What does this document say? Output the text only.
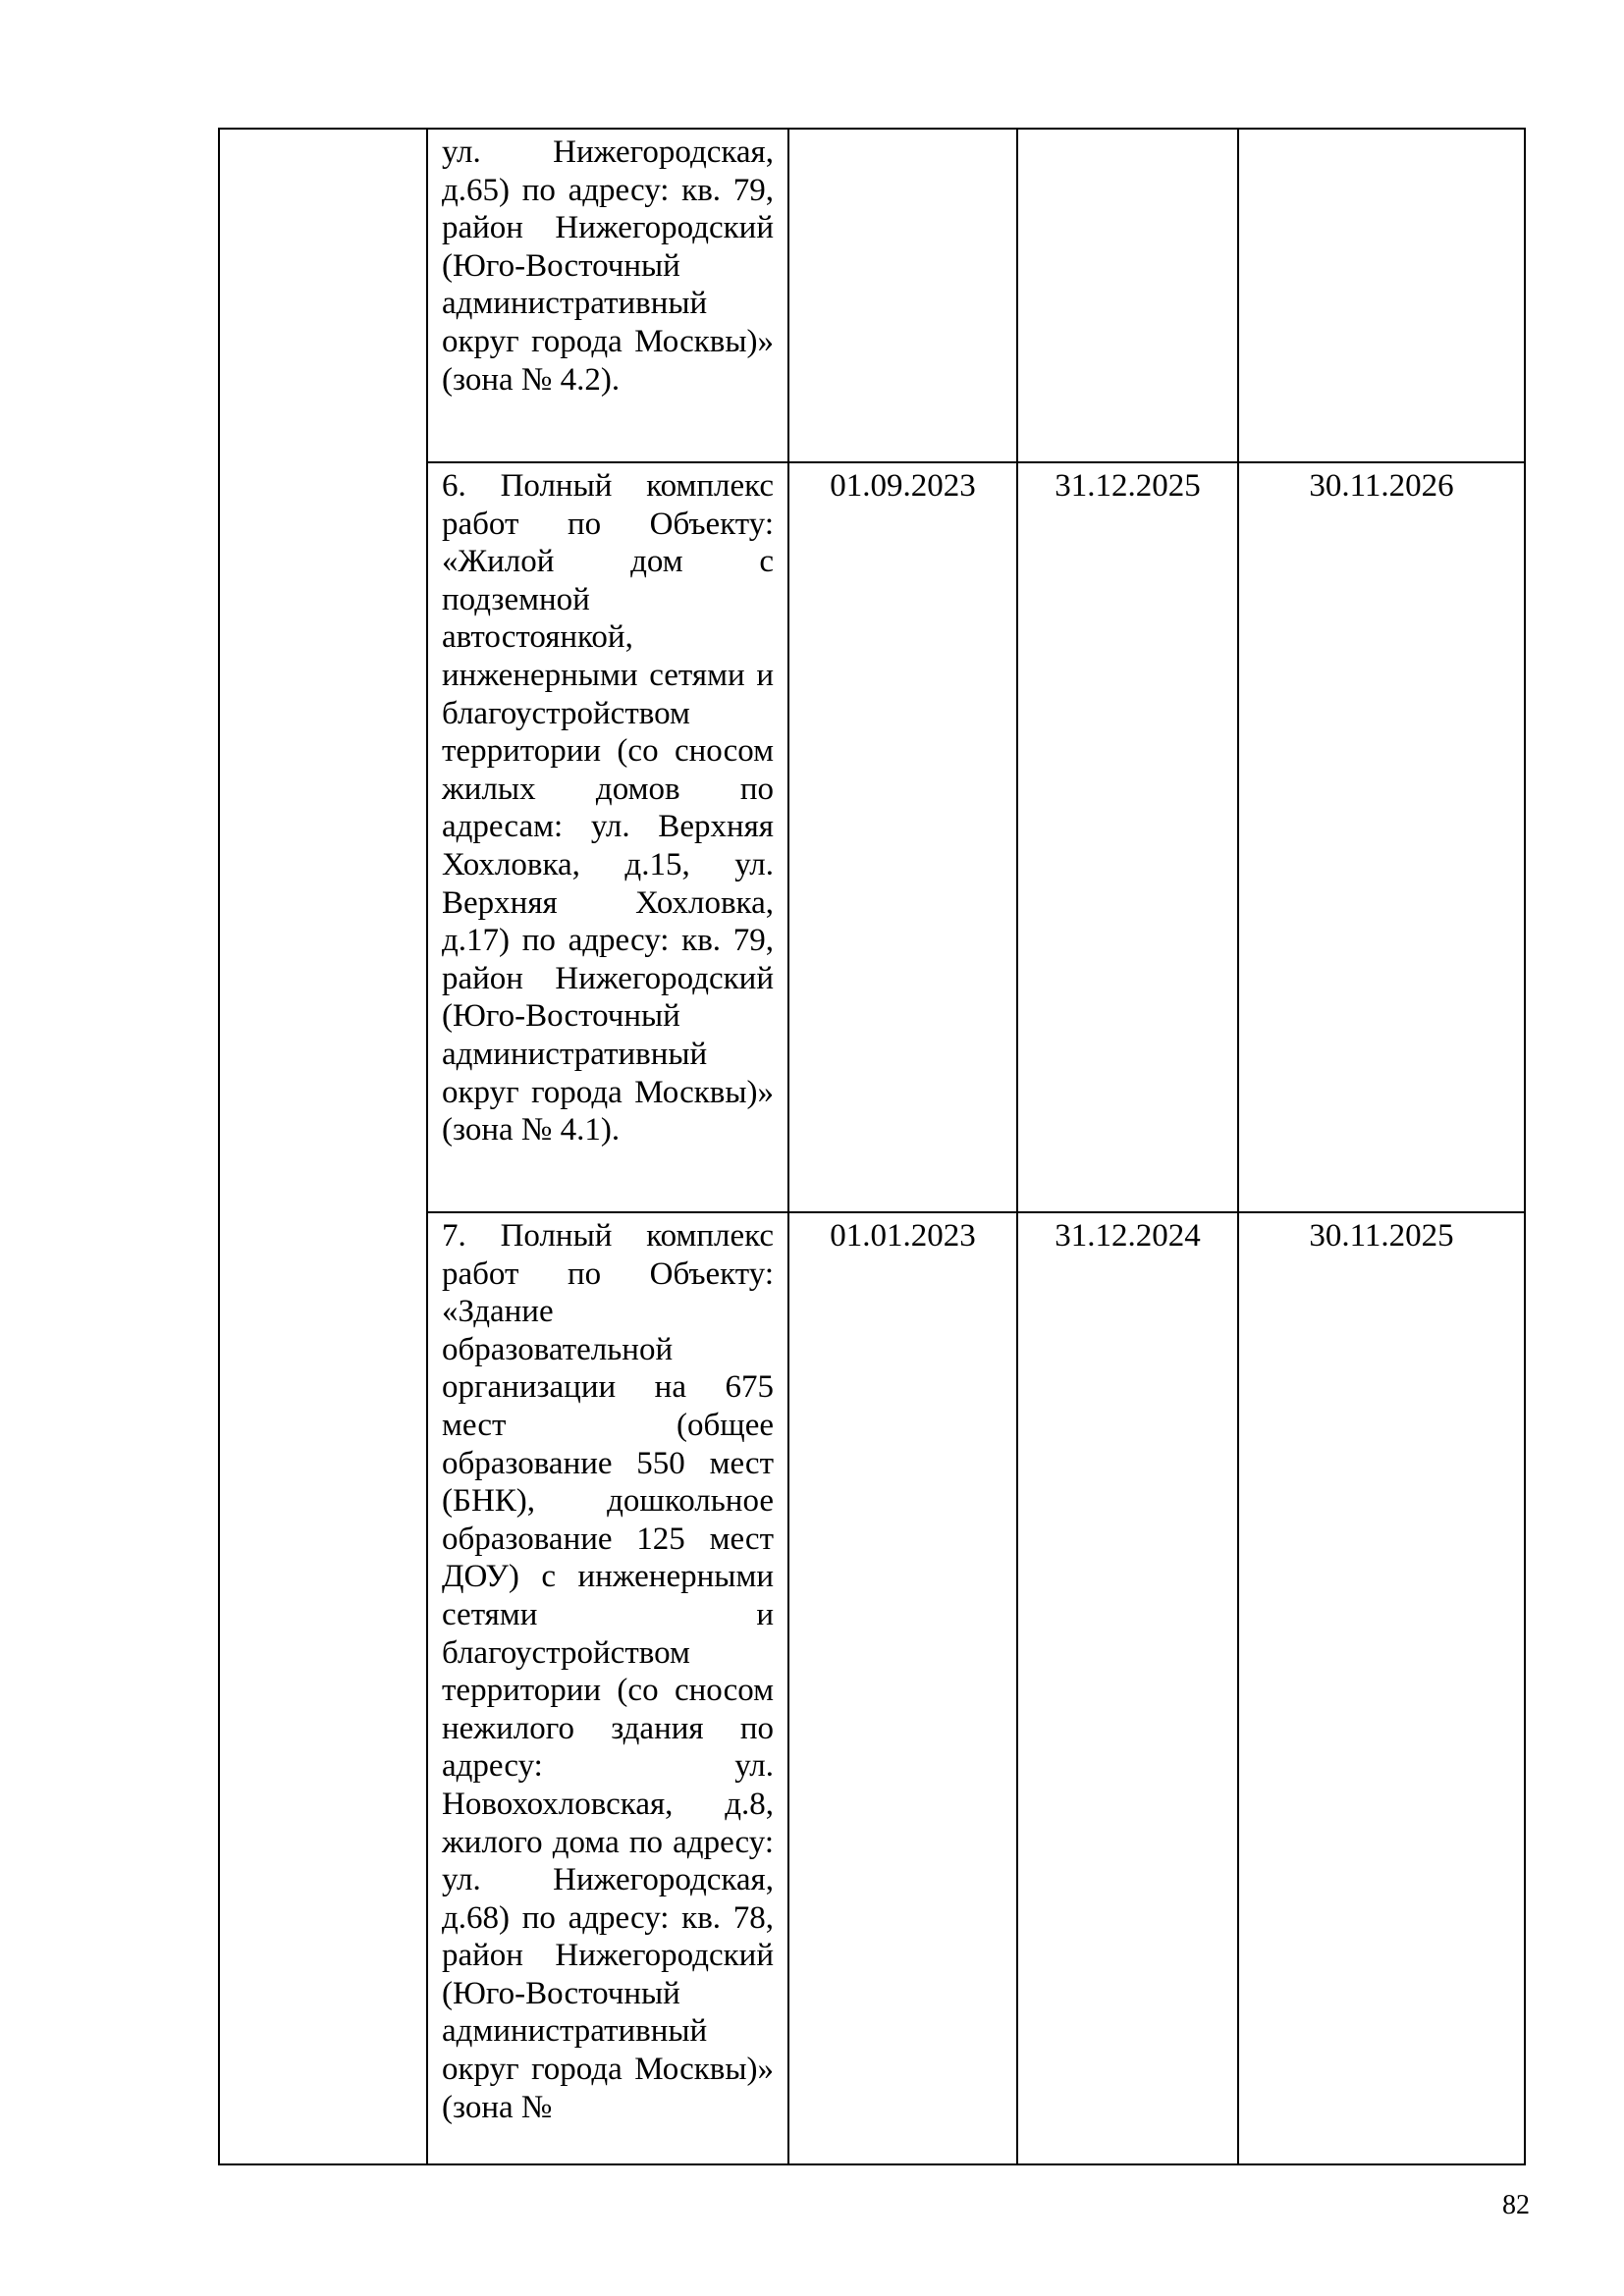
	ул. Нижегородская, д.65) по адресу: кв. 79, район Нижегородский (Юго-Восточный административный округ города Москвы)» (зона № 4.2).			

	6. Полный комплекс работ по Объекту: «Жилой дом с подземной автостоянкой, инженерными сетями и благоустройством территории (со сносом жилых домов по адресам: ул. Верхняя Хохловка, д.15, ул. Верхняя Хохловка, д.17) по адресу: кв. 79, район Нижегородский (Юго-Восточный административный округ города Москвы)» (зона № 4.1).	01.09.2023	31.12.2025	30.11.2026

	7. Полный комплекс работ по Объекту: «Здание образовательной организации на 675 мест (общее образование 550 мест (БНК), дошкольное образование 125 мест ДОУ) с инженерными сетями и благоустройством территории (со сносом нежилого здания по адресу: ул. Новохохловская, д.8, жилого дома по адресу: ул. Нижегородская, д.68) по адресу: кв. 78, район Нижегородский (Юго-Восточный административный округ города Москвы)» (зона №	01.01.2023	31.12.2024	30.11.2025
82
